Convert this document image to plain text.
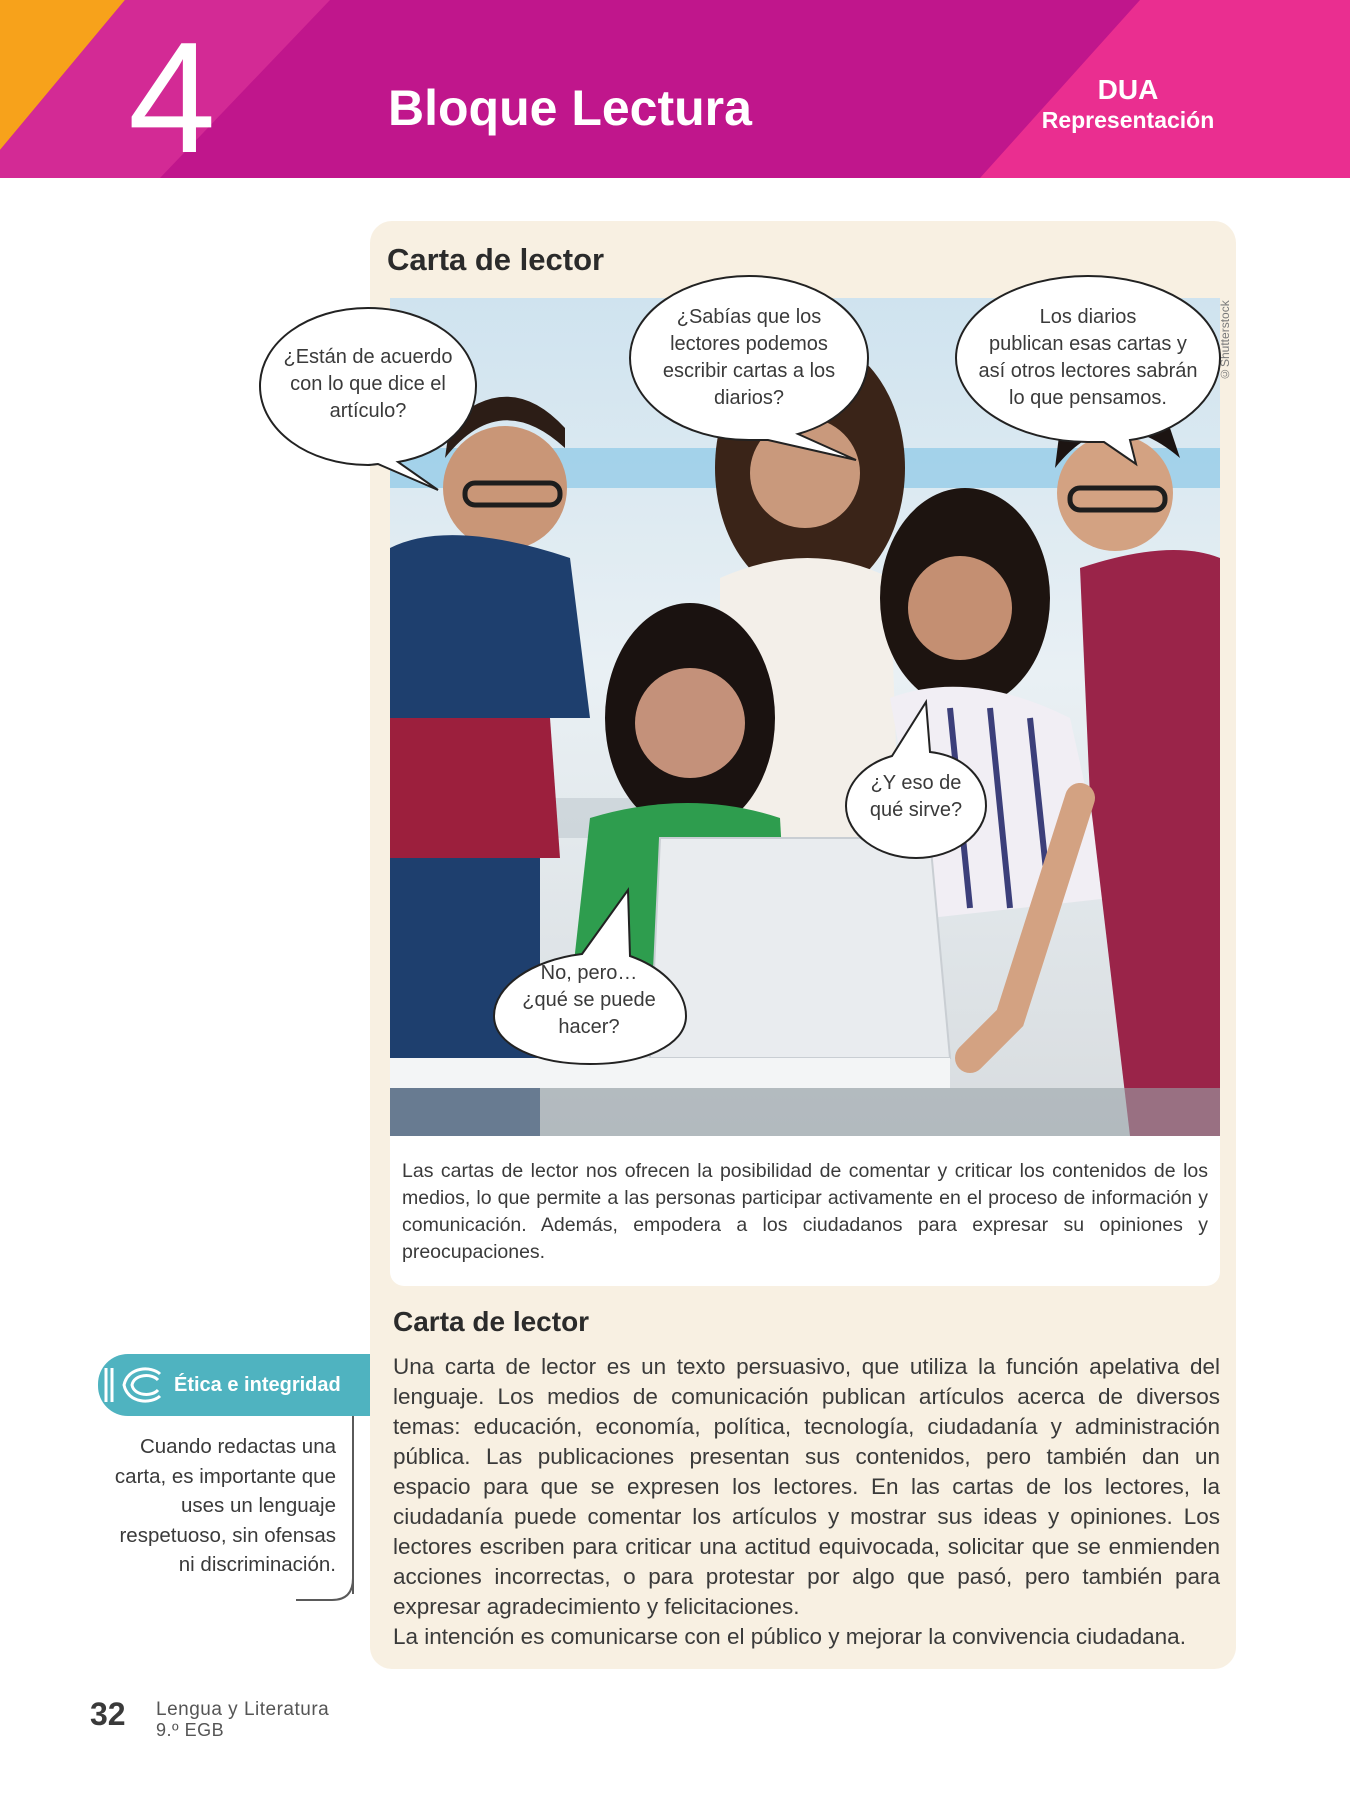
4	Bloque Lectura	DUA
Representación
Carta de lector
©Shutterstock
¿Están de acuerdo
con lo que dice el
artículo?
¿Sabías que los
lectores podemos
escribir cartas a los
diarios?
Los diarios
publican esas cartas y
así otros lectores sabrán
lo que pensamos.
¿Y eso de
qué sirve?
No, pero…
¿qué se puede
hacer?

Las cartas de lector nos ofrecen la posibilidad de comentar y criticar los contenidos de los medios, lo que permite a las personas participar activamente en el proceso de información y comunicación. Además, empodera a los ciudadanos para expresar su opiniones y preocupaciones.

Carta de lector

Una carta de lector es un texto persuasivo, que utiliza la función apelativa del lenguaje. Los medios de comunicación publican artículos acerca de diversos temas: educación, economía, política, tecnología, ciudadanía y administración pública. Las publicaciones presentan sus contenidos, pero también dan un espacio para que se expresen los lectores. En las cartas de los lectores, la ciudadanía puede comentar los artículos y mostrar sus ideas y opiniones. Los lectores escriben para criticar una actitud equivocada, solicitar que se enmienden acciones incorrectas, o para protestar por algo que pasó, pero también para expresar agradecimiento y felicitaciones.

La intención es comunicarse con el público y mejorar la convivencia ciudadana.

Ética e integridad
Cuando redactas una carta, es importante que uses un lenguaje respetuoso, sin ofensas ni discriminación.
32 Lengua y Literatura
9.º EGB
